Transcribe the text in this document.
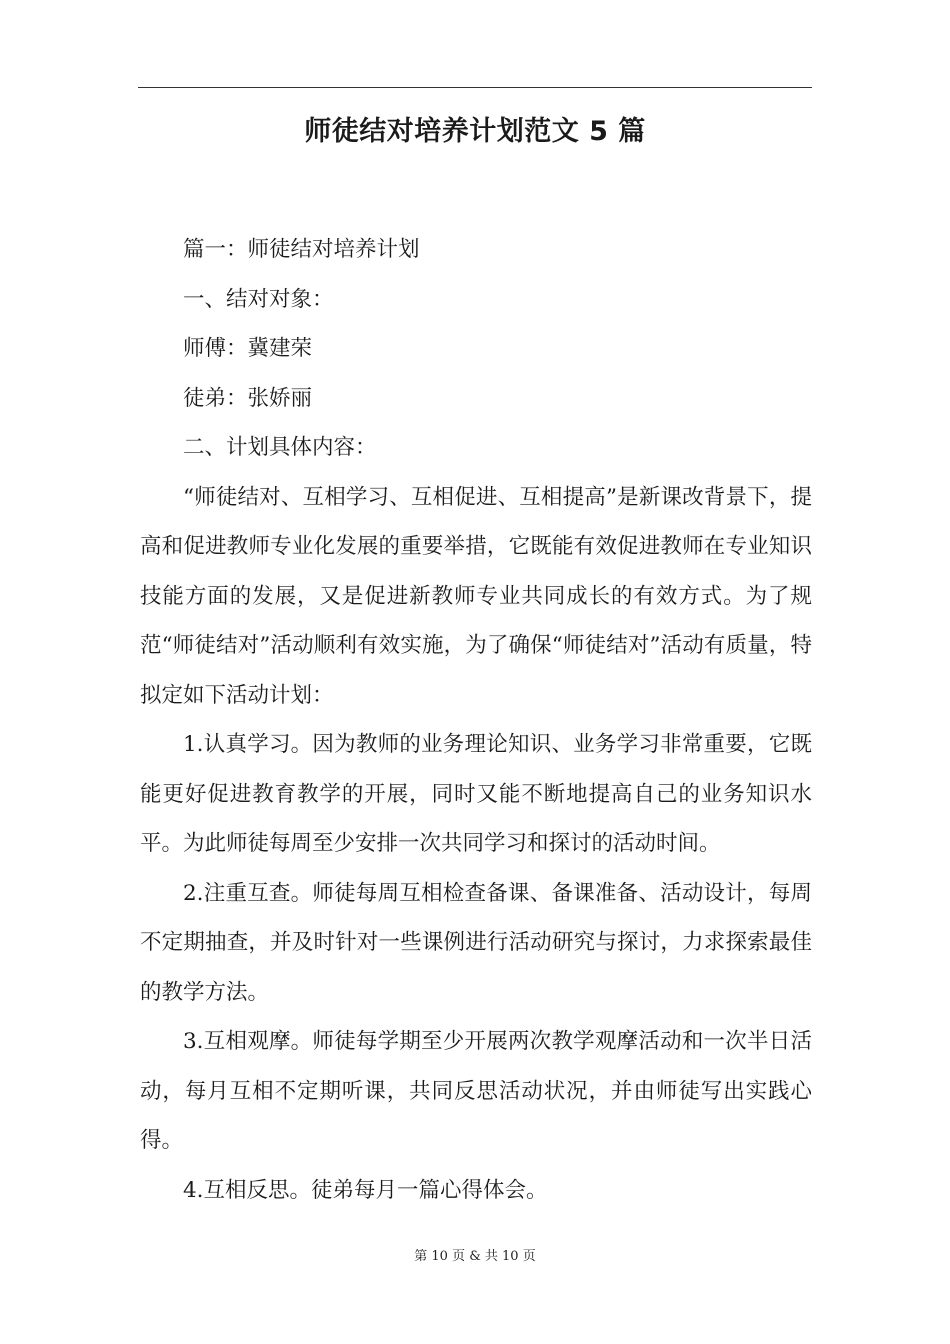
师徒结对培养计划范文 5 篇

篇一：师徒结对培养计划

一、结对对象：

师傅：冀建荣

徒弟：张娇丽

二、计划具体内容：

“师徒结对、互相学习、互相促进、互相提高”是新课改背景下，提高和促进教师专业化发展的重要举措，它既能有效促进教师在专业知识技能方面的发展，又是促进新教师专业共同成长的有效方式。为了规范“师徒结对”活动顺利有效实施，为了确保“师徒结对”活动有质量，特拟定如下活动计划：

1.认真学习。因为教师的业务理论知识、业务学习非常重要，它既能更好促进教育教学的开展，同时又能不断地提高自己的业务知识水平。为此师徒每周至少安排一次共同学习和探讨的活动时间。

2.注重互查。师徒每周互相检查备课、备课准备、活动设计，每周不定期抽查，并及时针对一些课例进行活动研究与探讨，力求探索最佳的教学方法。

3.互相观摩。师徒每学期至少开展两次教学观摩活动和一次半日活动，每月互相不定期听课，共同反思活动状况，并由师徒写出实践心得。

4.互相反思。徒弟每月一篇心得体会。

第 10 页 & 共 10 页
